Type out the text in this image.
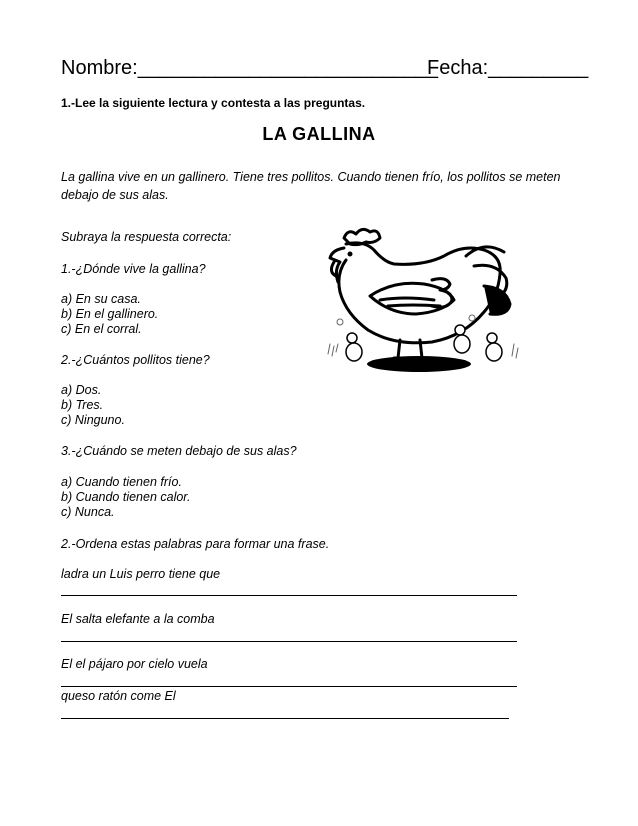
Nombre:___________________________
Fecha:_________
1.-Lee la siguiente lectura y contesta a las preguntas.
LA GALLINA
La gallina vive en un gallinero. Tiene tres pollitos. Cuando tienen frío, los pollitos se meten debajo de sus alas.
Subraya la respuesta correcta:
1.-¿Dónde vive la gallina?
a) En su casa.
b) En el gallinero.
c) En el corral.
2.-¿Cuántos pollitos tiene?
a) Dos.
b) Tres.
c) Ninguno.
3.-¿Cuándo se meten debajo de sus alas?
a) Cuando tienen frío.
b) Cuando tienen calor.
c) Nunca.
2.-Ordena estas palabras para formar una frase.
ladra un Luis perro tiene que
El salta elefante a la comba
El el pájaro por cielo vuela
queso ratón come El
